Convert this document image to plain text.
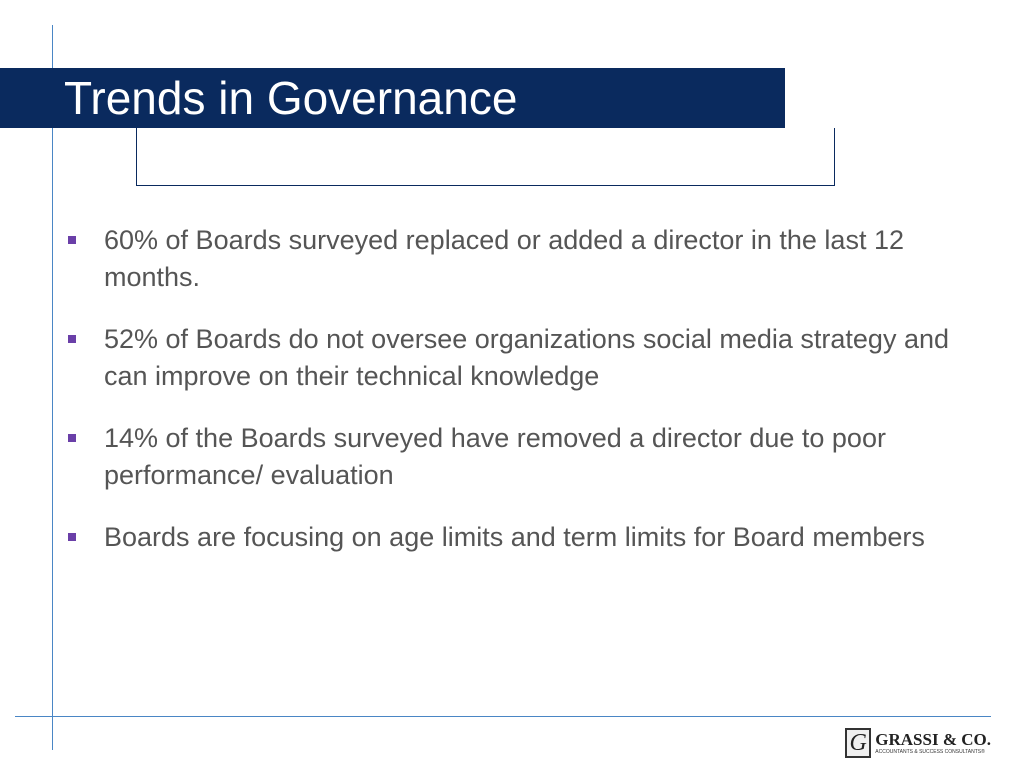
Trends in Governance
60% of Boards surveyed replaced or added a director in the last 12 months.
52% of Boards do not oversee organizations social media strategy and can improve on their technical knowledge
14% of the Boards surveyed have removed a director due to poor performance/ evaluation
Boards are focusing on age limits and term limits for Board members
G GRASSI & CO.
ACCOUNTANTS & SUCCESS CONSULTANTS®
